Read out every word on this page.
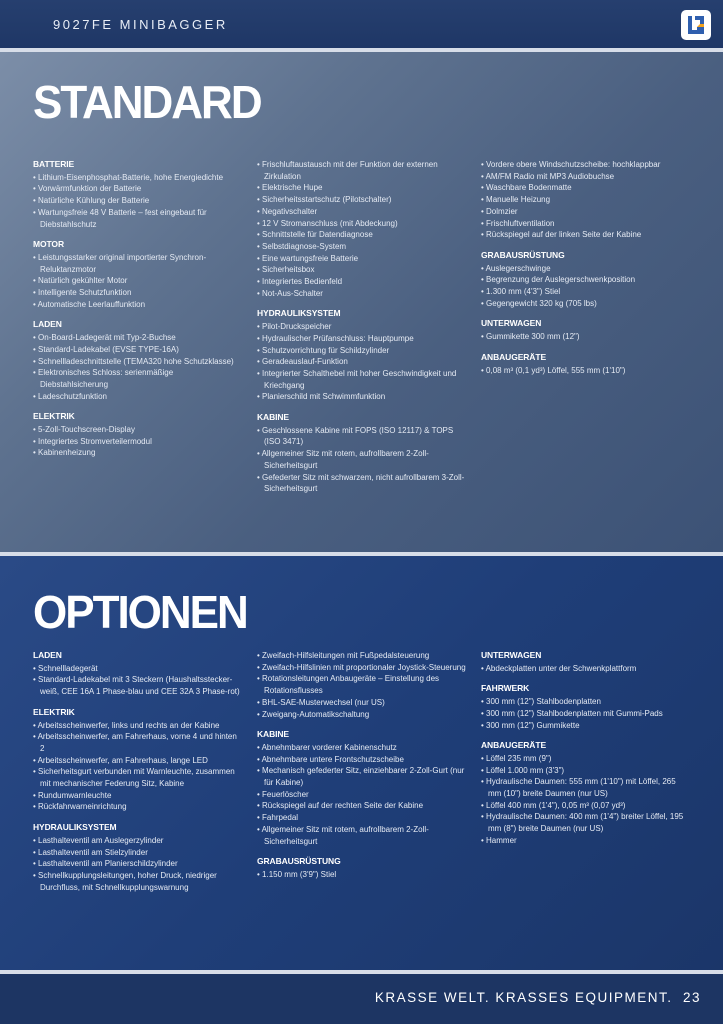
9027FE MINIBAGGER
STANDARD
BATTERIE
• Lithium-Eisenphosphat-Batterie, hohe Energiedichte
• Vorwärmfunktion der Batterie
• Natürliche Kühlung der Batterie
• Wartungsfreie 48 V Batterie – fest eingebaut für Diebstahlschutz
MOTOR
• Leistungsstarker original importierter Synchron-Reluktanzmotor
• Natürlich gekühlter Motor
• Intelligente Schutzfunktion
• Automatische Leerlauffunktion
LADEN
• On-Board-Ladegerät mit Typ-2-Buchse
• Standard-Ladekabel (EVSE TYPE-16A)
• Schnellladeschnittstelle (TEMA320 hohe Schutzklasse)
• Elektronisches Schloss: serienmäßige Diebstahlsicherung
• Ladeschutzfunktion
ELEKTRIK
• 5-Zoll-Touchscreen-Display
• Integriertes Stromverteilermodul
• Kabinenheizung
• Frischluftaustausch mit der Funktion der externen Zirkulation
• Elektrische Hupe
• Sicherheitsstartschutz (Pilotschalter)
• Negativschalter
• 12 V Stromanschluss (mit Abdeckung)
• Schnittstelle für Datendiagnose
• Selbstdiagnose-System
• Eine wartungsfreie Batterie
• Sicherheitsbox
• Integriertes Bedienfeld
• Not-Aus-Schalter
HYDRAULIKSYSTEM
• Pilot-Druckspeicher
• Hydraulischer Prüfanschluss: Hauptpumpe
• Schutzvorrichtung für Schildzylinder
• Geradeauslauf-Funktion
• Integrierter Schalthebel mit hoher Geschwindigkeit und Kriechgang
• Planierschild mit Schwimmfunktion
KABINE
• Geschlossene Kabine mit FOPS (ISO 12117) & TOPS (ISO 3471)
• Allgemeiner Sitz mit rotem, aufrollbarem 2-Zoll-Sicherheitsgurt
• Gefederter Sitz mit schwarzem, nicht aufrollbarem 3-Zoll-Sicherheitsgurt
• Vordere obere Windschutzscheibe: hochklappbar
• AM/FM Radio mit MP3 Audiobuchse
• Waschbare Bodenmatte
• Manuelle Heizung
• Dolmzier
• Frischluftventilation
• Rückspiegel auf der linken Seite der Kabine
GRABAUSRÜSTUNG
• Auslegerschwinge
• Begrenzung der Auslegerschwenkposition
• 1.300 mm (4'3") Stiel
• Gegengewicht 320 kg (705 lbs)
UNTERWAGEN
• Gummikette 300 mm (12")
ANBAUGERÄTE
• 0,08 m³ (0,1 yd³) Löffel, 555 mm (1'10")
OPTIONEN
LADEN
• Schnellladegerät
• Standard-Ladekabel mit 3 Steckern (Haushaltsstecker-weiß, CEE 16A 1 Phase-blau und CEE 32A 3 Phase-rot)
ELEKTRIK
• Arbeitsscheinwerfer, links und rechts an der Kabine
• Arbeitsscheinwerfer, am Fahrerhaus, vorne 4 und hinten 2
• Arbeitsscheinwerfer, am Fahrerhaus, lange LED
• Sicherheitsgurt verbunden mit Warnleuchte, zusammen mit mechanischer Federung Sitz, Kabine
• Rundumwarnleuchte
• Rückfahrwarneinrichtung
HYDRAULIKSYSTEM
• Lasthalteventil am Auslegerzylinder
• Lasthalteventil am Stielzylinder
• Lasthalteventil am Planierschildzylinder
• Schnellkupplungsleitungen, hoher Druck, niedriger Durchfluss, mit Schnellkupplungswarnung
• Zweifach-Hilfsleitungen mit Fußpedalsteuerung
• Zweifach-Hilfslinien mit proportionaler Joystick-Steuerung
• Rotationsleitungen Anbaugeräte – Einstellung des Rotationsflusses
• BHL-SAE-Musterwechsel (nur US)
• Zweigang-Automatikschaltung
KABINE
• Abnehmbarer vorderer Kabinenschutz
• Abnehmbare untere Frontschutzscheibe
• Mechanisch gefederter Sitz, einziehbarer 2-Zoll-Gurt (nur für Kabine)
• Feuerlöscher
• Rückspiegel auf der rechten Seite der Kabine
• Fahrpedal
• Allgemeiner Sitz mit rotem, aufrollbarem 2-Zoll-Sicherheitsgurt
GRABAUSRÜSTUNG
• 1.150 mm (3'9") Stiel
UNTERWAGEN
• Abdeckplatten unter der Schwenkplattform
FAHRWERK
• 300 mm (12") Stahlbodenplatten
• 300 mm (12") Stahlbodenplatten mit Gummi-Pads
• 300 mm (12") Gummikette
ANBAUGERÄTE
• Löffel 235 mm (9")
• Löffel 1.000 mm (3'3")
• Hydraulische Daumen: 555 mm (1'10") mit Löffel, 265 mm (10") breite Daumen (nur US)
• Löffel 400 mm (1'4"), 0,05 m³ (0,07 yd³)
• Hydraulische Daumen: 400 mm (1'4") breiter Löffel, 195 mm (8") breite Daumen (nur US)
• Hammer
KRASSE WELT. KRASSES EQUIPMENT. 23
